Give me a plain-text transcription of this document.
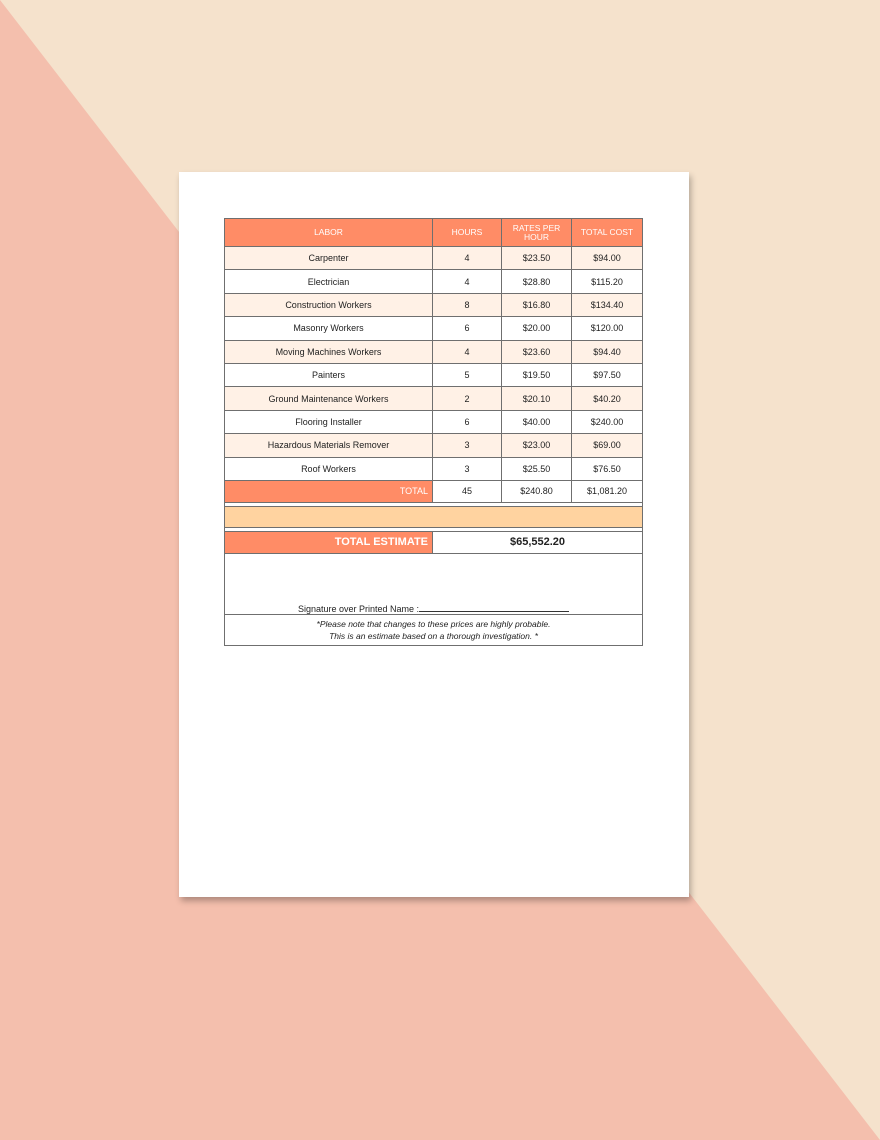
LABOR	HOURS	RATES PER HOUR	TOTAL COST
Carpenter	4	$23.50	$94.00
Electrician	4	$28.80	$115.20
Construction Workers	8	$16.80	$134.40
Masonry Workers	6	$20.00	$120.00
Moving Machines Workers	4	$23.60	$94.40
Painters	5	$19.50	$97.50
Ground Maintenance Workers	2	$20.10	$40.20
Flooring Installer	6	$40.00	$240.00
Hazardous Materials Remover	3	$23.00	$69.00
Roof Workers	3	$25.50	$76.50
TOTAL	45	$240.80	$1,081.20

TOTAL ESTIMATE	$65,552.20		
Signature over Printed Name :			

*Please note that changes to these prices are highly probable.
This is an estimate based on a thorough investigation. *			
